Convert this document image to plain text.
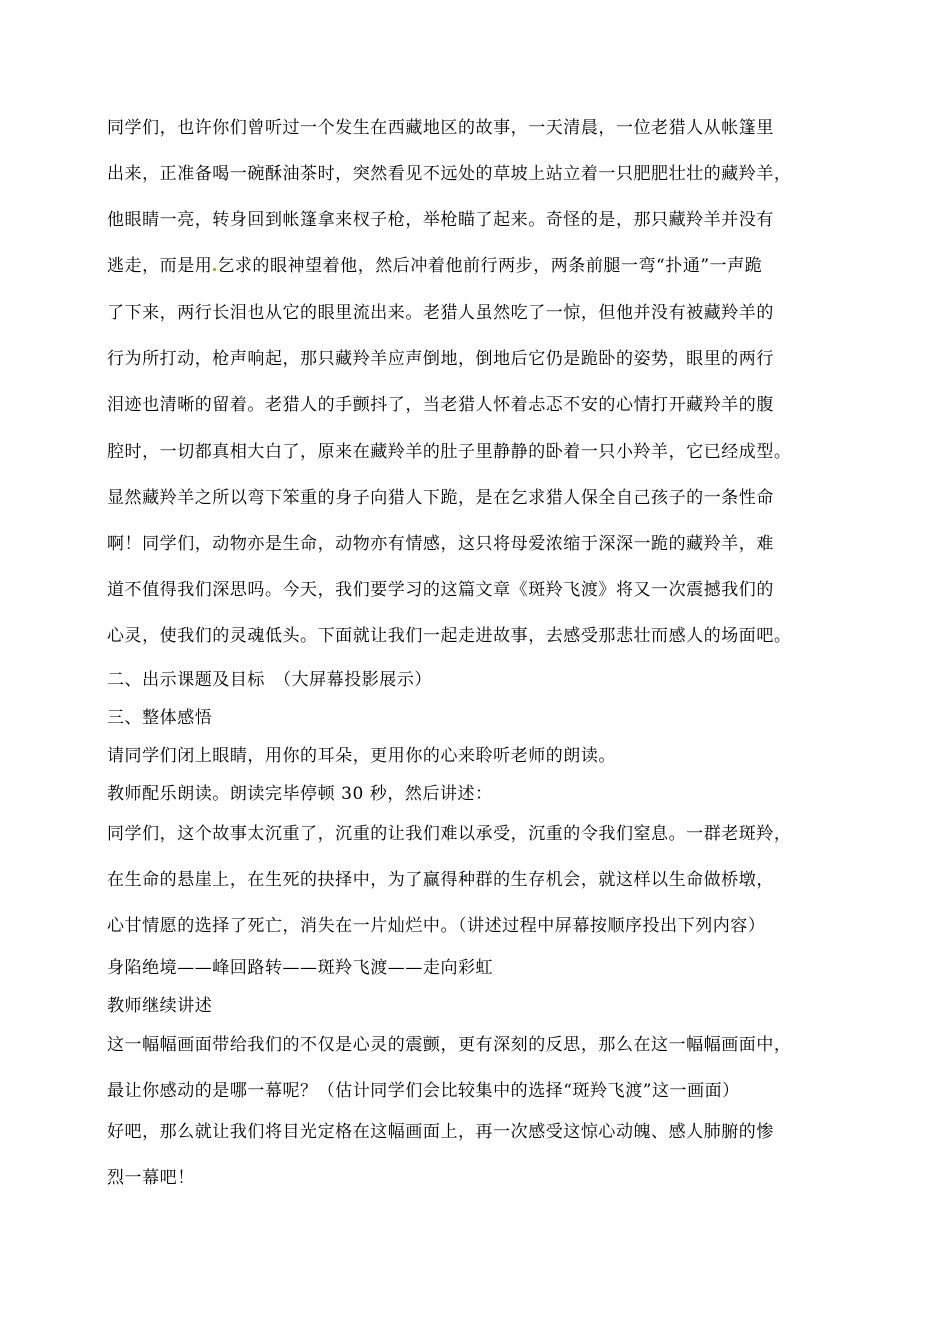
同学们，也许你们曾听过一个发生在西藏地区的故事，一天清晨，一位老猎人从帐篷里
出来，正准备喝一碗酥油茶时，突然看见不远处的草坡上站立着一只肥肥壮壮的藏羚羊，
他眼睛一亮，转身回到帐篷拿来杈子枪，举枪瞄了起来。奇怪的是，那只藏羚羊并没有
逃走，而是用 乞求的眼神望着他，然后冲着他前行两步，两条前腿一弯“扑通”一声跪
了下来，两行长泪也从它的眼里流出来。老猎人虽然吃了一惊，但他并没有被藏羚羊的
行为所打动，枪声响起，那只藏羚羊应声倒地，倒地后它仍是跪卧的姿势，眼里的两行
泪迹也清晰的留着。老猎人的手颤抖了，当老猎人怀着忐忑不安的心情打开藏羚羊的腹
腔时，一切都真相大白了，原来在藏羚羊的肚子里静静的卧着一只小羚羊，它已经成型。
显然藏羚羊之所以弯下笨重的身子向猎人下跪，是在乞求猎人保全自己孩子的一条性命
啊！同学们，动物亦是生命，动物亦有情感，这只将母爱浓缩于深深一跪的藏羚羊，难
道不值得我们深思吗。今天，我们要学习的这篇文章《斑羚飞渡》将又一次震撼我们的
心灵，使我们的灵魂低头。下面就让我们一起走进故事，去感受那悲壮而感人的场面吧。
二、出示课题及目标　（大屏幕投影展示）
三、整体感悟
请同学们闭上眼睛，用你的耳朵，更用你的心来聆听老师的朗读。
教师配乐朗读。朗读完毕停顿 30 秒，然后讲述：
同学们，这个故事太沉重了，沉重的让我们难以承受，沉重的令我们窒息。一群老斑羚，
在生命的悬崖上，在生死的抉择中，为了赢得种群的生存机会，就这样以生命做桥墩，
心甘情愿的选择了死亡，消失在一片灿烂中。（讲述过程中屏幕按顺序投出下列内容）
身陷绝境——峰回路转——斑羚飞渡——走向彩虹
教师继续讲述
这一幅幅画面带给我们的不仅是心灵的震颤，更有深刻的反思，那么在这一幅幅画面中，
最让你感动的是哪一幕呢？（估计同学们会比较集中的选择“斑羚飞渡”这一画面）
好吧，那么就让我们将目光定格在这幅画面上，再一次感受这惊心动魄、感人肺腑的惨
烈一幕吧！
